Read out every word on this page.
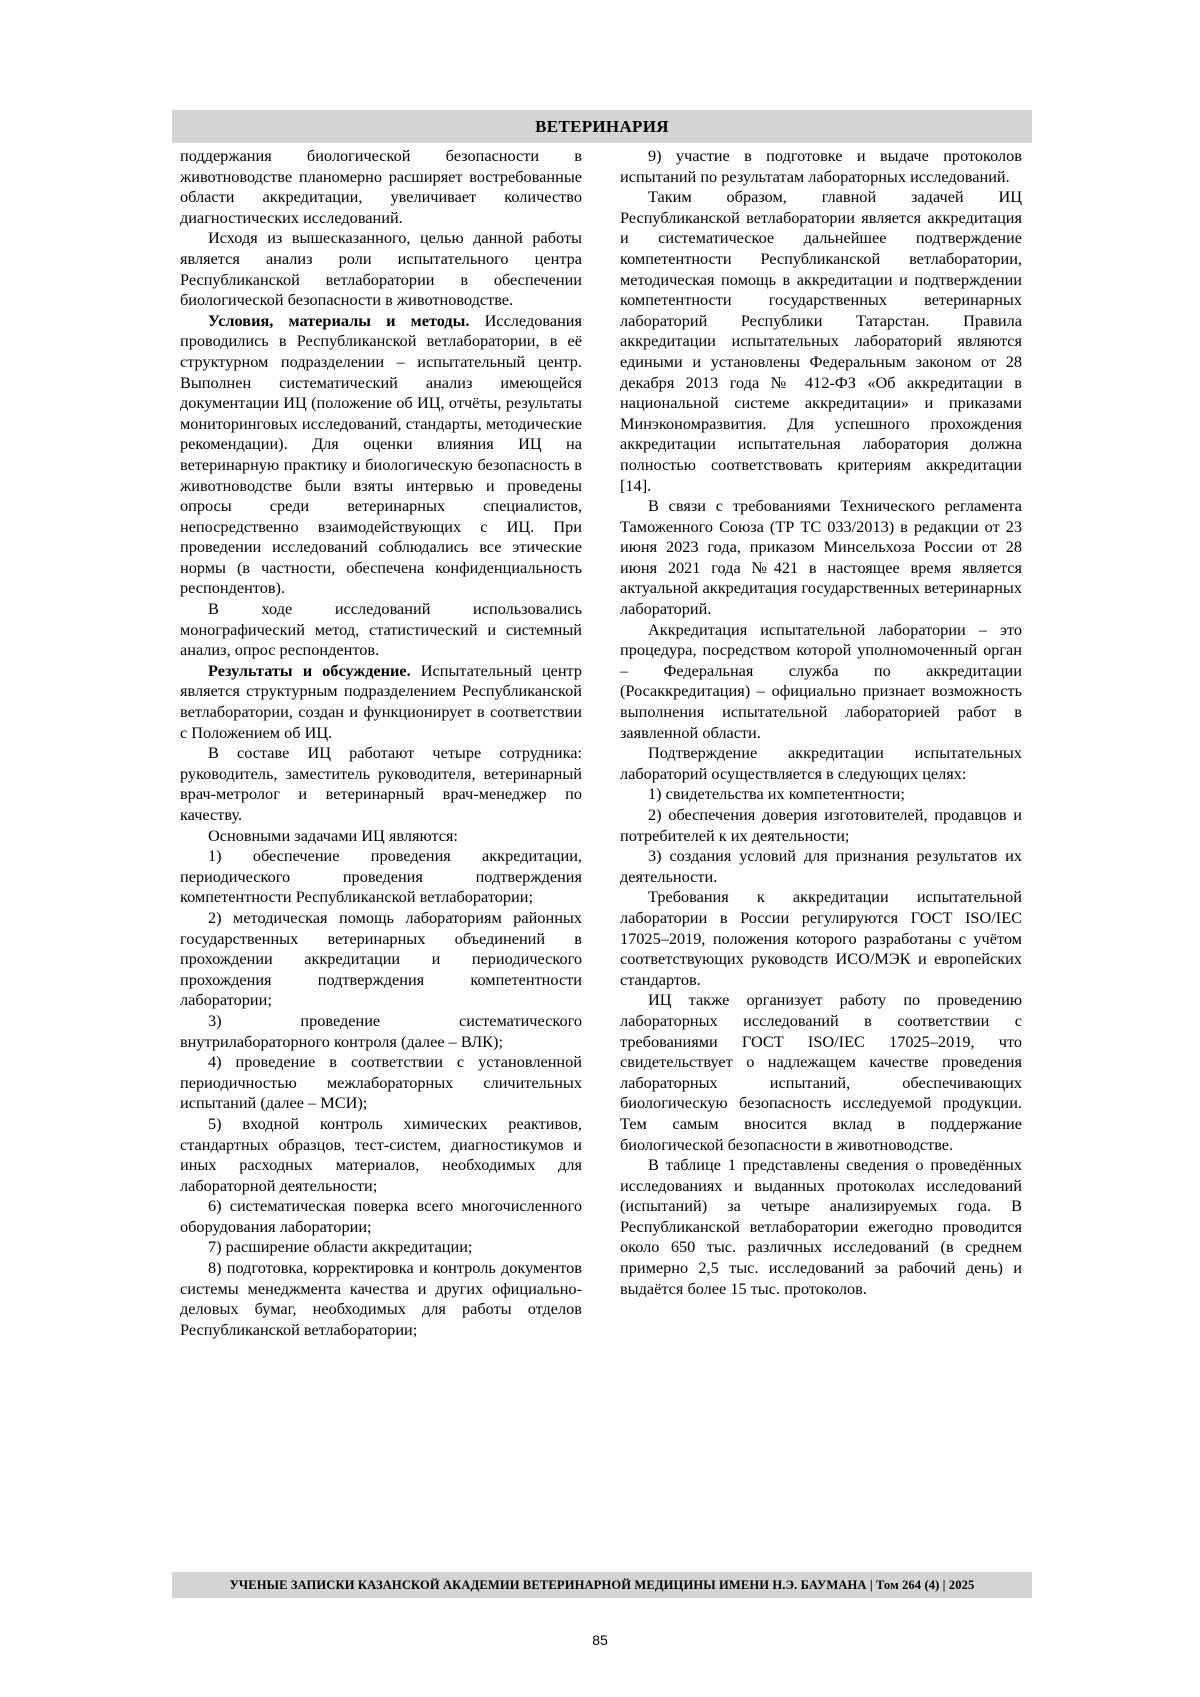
ВЕТЕРИНАРИЯ

поддержания биологической безопасности в животноводстве планомерно расширяет востребованные области аккредитации, увеличивает количество диагностических исследований.

Исходя из вышесказанного, целью данной работы является анализ роли испытательного центра Республиканской ветлаборатории в обеспечении биологической безопасности в животноводстве.

Условия, материалы и методы. Исследования проводились в Республиканской ветлаборатории, в её структурном подразделении – испытательный центр. Выполнен систематический анализ имеющейся документации ИЦ (положение об ИЦ, отчёты, результаты мониторинговых исследований, стандарты, методические рекомендации). Для оценки влияния ИЦ на ветеринарную практику и биологическую безопасность в животноводстве были взяты интервью и проведены опросы среди ветеринарных специалистов, непосредственно взаимодействующих с ИЦ. При проведении исследований соблюдались все этические нормы (в частности, обеспечена конфиденциальность респондентов).

В ходе исследований использовались монографический метод, статистический и системный анализ, опрос респондентов.

Результаты и обсуждение. Испытательный центр является структурным подразделением Республиканской ветлаборатории, создан и функционирует в соответствии с Положением об ИЦ.

В составе ИЦ работают четыре сотрудника: руководитель, заместитель руководителя, ветеринарный врач-метролог и ветеринарный врач-менеджер по качеству.

Основными задачами ИЦ являются:

1) обеспечение проведения аккредитации, периодического проведения подтверждения компетентности Республиканской ветлаборатории;

2) методическая помощь лабораториям районных государственных ветеринарных объединений в прохождении аккредитации и периодического прохождения подтверждения компетентности лаборатории;

3) проведение систематического внутрилабораторного контроля (далее – ВЛК);

4) проведение в соответствии с установленной периодичностью межлабораторных сличительных испытаний (далее – МСИ);

5) входной контроль химических реактивов, стандартных образцов, тест-систем, диагностикумов и иных расходных материалов, необходимых для лабораторной деятельности;

6) систематическая поверка всего многочисленного оборудования лаборатории;

7) расширение области аккредитации;

8) подготовка, корректировка и контроль документов системы менеджмента качества и других официально-деловых бумаг, необходимых для работы отделов Республиканской ветлаборатории;

9) участие в подготовке и выдаче протоколов испытаний по результатам лабораторных исследований.

Таким образом, главной задачей ИЦ Республиканской ветлаборатории является аккредитация и систематическое дальнейшее подтверждение компетентности Республиканской ветлаборатории, методическая помощь в аккредитации и подтверждении компетентности государственных ветеринарных лабораторий Республики Татарстан. Правила аккредитации испытательных лабораторий являются едиными и установлены Федеральным законом от 28 декабря 2013 года № 412-ФЗ «Об аккредитации в национальной системе аккредитации» и приказами Минэкономразвития. Для успешного прохождения аккредитации испытательная лаборатория должна полностью соответствовать критериям аккредитации [14].

В связи с требованиями Технического регламента Таможенного Союза (ТР ТС 033/2013) в редакции от 23 июня 2023 года, приказом Минсельхоза России от 28 июня 2021 года №421 в настоящее время является актуальной аккредитация государственных ветеринарных лабораторий.

Аккредитация испытательной лаборатории – это процедура, посредством которой уполномоченный орган – Федеральная служба по аккредитации (Росаккредитация) – официально признает возможность выполнения испытательной лабораторией работ в заявленной области.

Подтверждение аккредитации испытательных лабораторий осуществляется в следующих целях:

1) свидетельства их компетентности;

2) обеспечения доверия изготовителей, продавцов и потребителей к их деятельности;

3) создания условий для признания результатов их деятельности.

Требования к аккредитации испытательной лаборатории в России регулируются ГОСТ ISO/IEC 17025–2019, положения которого разработаны с учётом соответствующих руководств ИСО/МЭК и европейских стандартов.

ИЦ также организует работу по проведению лабораторных исследований в соответствии с требованиями ГОСТ ISO/IEC 17025–2019, что свидетельствует о надлежащем качестве проведения лабораторных испытаний, обеспечивающих биологическую безопасность исследуемой продукции. Тем самым вносится вклад в поддержание биологической безопасности в животноводстве.

В таблице 1 представлены сведения о проведённых исследованиях и выданных протоколах исследований (испытаний) за четыре анализируемых года. В Республиканской ветлаборатории ежегодно проводится около 650 тыс. различных исследований (в среднем примерно 2,5 тыс. исследований за рабочий день) и выдаётся более 15 тыс. протоколов.

УЧЕНЫЕ ЗАПИСКИ КАЗАНСКОЙ АКАДЕМИИ ВЕТЕРИНАРНОЙ МЕДИЦИНЫ ИМЕНИ Н.Э. БАУМАНА | Том 264 (4) | 2025
85
